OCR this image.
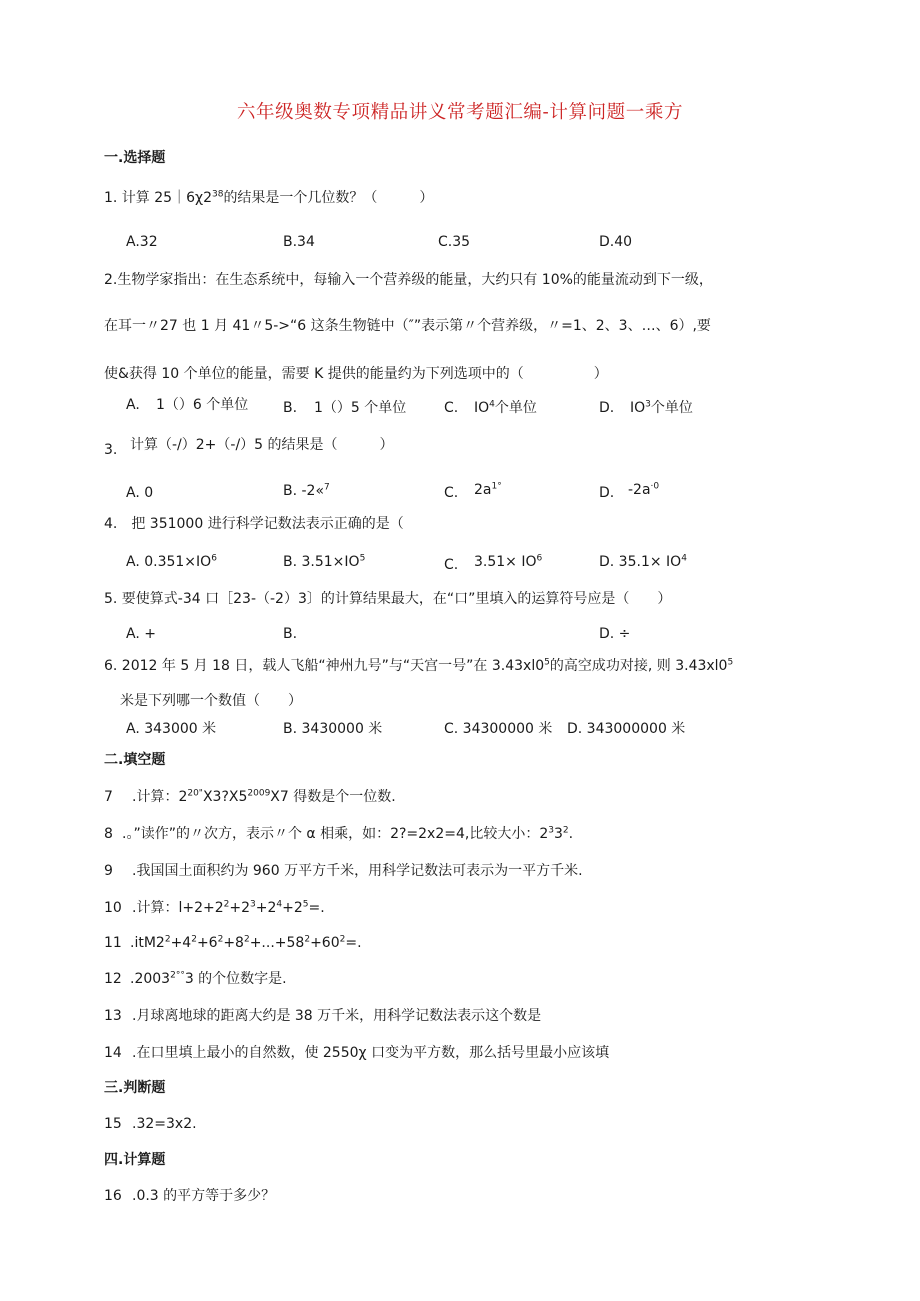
六年级奥数专项精品讲义常考题汇编-计算问题一乘方
一.选择题
1. 计算 $25|6\chi 2^{38}$的结果是一个几位数？（　　　）
A.32	B.34	C.35	D.40
2.生物学家指出：在生态系统中，每输入一个营养级的能量，大约只有 10%的能量流动到下一级，
在耳一〃27 也 1 月 41〃5->“6 这条生物链中（″”表示第〃个营养级，〃=1、2、3、…、6）,要
使&获得 10 个单位的能量，需要 K 提供的能量约为下列选项中的（　　　　　）
A. 1（）6 个单位 B. 1（）5 个单位	C. $IO^4$个单位	D. $IO^3$个单位
3. 计算（-/）2+（-/）5 的结果是（　　　）
A. 0	B. -2«$^7$	C. $2a^{1^\circ}$	D. $-2a^{\cdot 0}$
4.　把 351000 进行科学记数法表示正确的是（
A. $0.351\times IO^6$	B. $3.51\times IO^5$	C. $3.51\times IO^6$	D. $35.1\times IO^4$
5. 要使算式-34 口［23-（-2）3〕的计算结果最大，在“口”里填入的运算符号应是（　　）
A. +	B.	D. ÷
6. 2012 年 5 月 18 日，载人飞船“神州九号”与“天宫一号”在 $3.43xl0^5$的高空成功对接, 则 $3.43xl0^5$
米是下列哪一个数值（　　）
A. 343000 米	B. 3430000 米	C. 34300000 米 D. 343000000 米
二.填空题
7 .计算：$2^{20"}X3?X5^{2009}X7$ 得数是个一位数.
8 .。”读作”的〃次方，表示〃个 α 相乘，如：2?=2x2=4,比较大小：$2^33^2$.
9 .我国国土面积约为 960 万平方千米，用科学记数法可表示为一平方千米.
10 .计算：$l+2+2^2+2^3+2^4+2^5=$.
11 $.itM2^2+4^2+6^2+8^2+...+58^2+60^2=$.
12 $.2003^{2^\circ^\circ}3$ 的个位数字是.
13 .月球离地球的距离大约是 38 万千米，用科学记数法表示这个数是
14 .在口里填上最小的自然数，使 2550χ 口变为平方数，那么括号里最小应该填
三.判断题
15 .32=3x2.
四.计算题
16 .0.3 的平方等于多少？
